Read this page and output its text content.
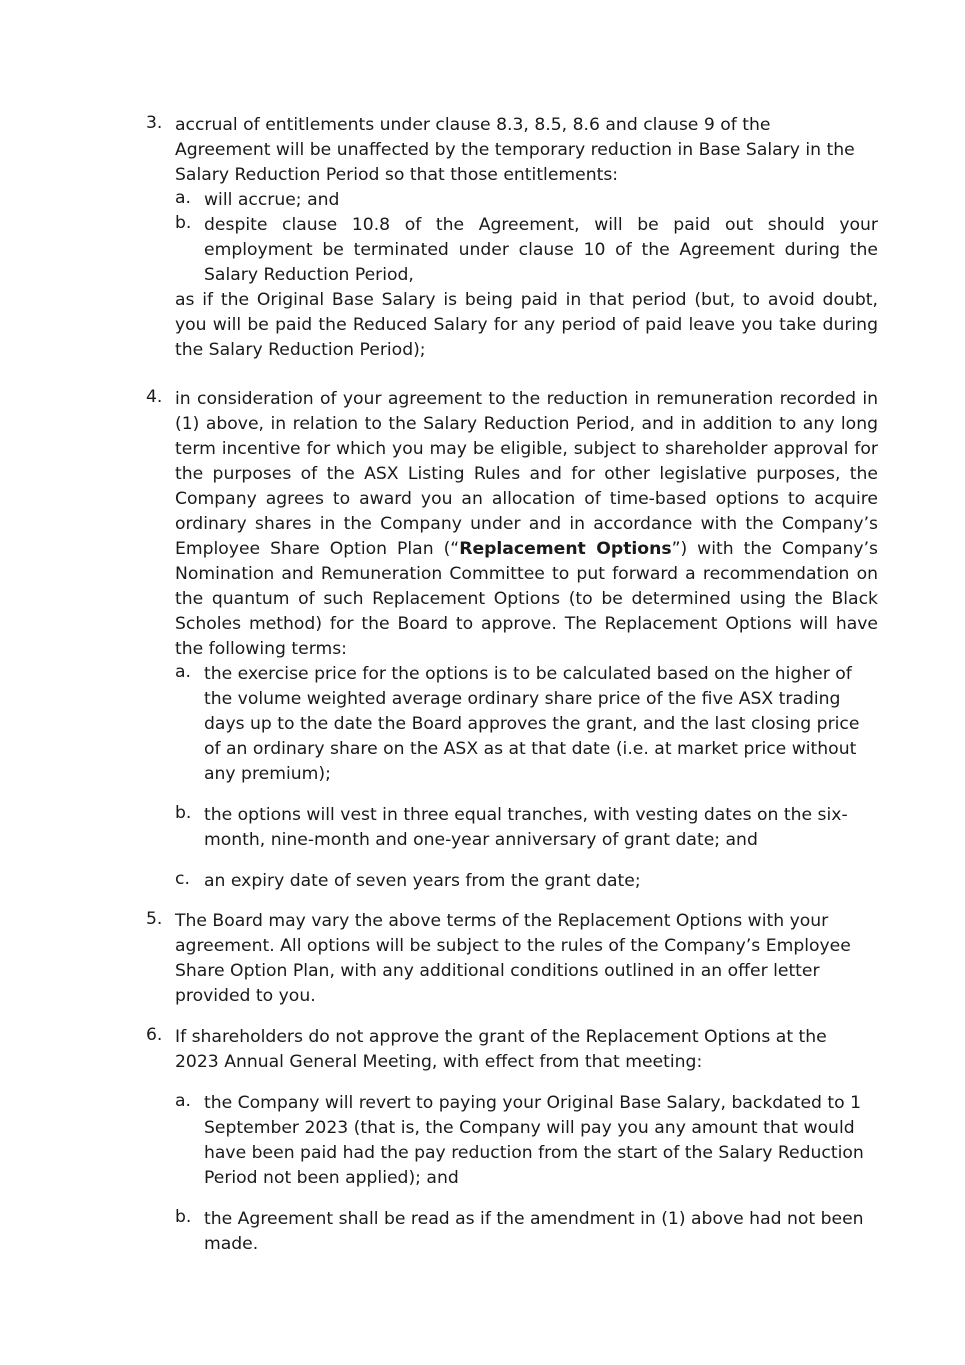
3. accrual of entitlements under clause 8.3, 8.5, 8.6 and clause 9 of the Agreement will be unaffected by the temporary reduction in Base Salary in the Salary Reduction Period so that those entitlements:
a. will accrue; and
b. despite clause 10.8 of the Agreement, will be paid out should your employment be terminated under clause 10 of the Agreement during the Salary Reduction Period,
as if the Original Base Salary is being paid in that period (but, to avoid doubt, you will be paid the Reduced Salary for any period of paid leave you take during the Salary Reduction Period);
4. in consideration of your agreement to the reduction in remuneration recorded in (1) above, in relation to the Salary Reduction Period, and in addition to any long term incentive for which you may be eligible, subject to shareholder approval for the purposes of the ASX Listing Rules and for other legislative purposes, the Company agrees to award you an allocation of time-based options to acquire ordinary shares in the Company under and in accordance with the Company’s Employee Share Option Plan (“Replacement Options”) with the Company’s Nomination and Remuneration Committee to put forward a recommendation on the quantum of such Replacement Options (to be determined using the Black Scholes method) for the Board to approve. The Replacement Options will have the following terms:
a. the exercise price for the options is to be calculated based on the higher of the volume weighted average ordinary share price of the five ASX trading days up to the date the Board approves the grant, and the last closing price of an ordinary share on the ASX as at that date (i.e. at market price without any premium);
b. the options will vest in three equal tranches, with vesting dates on the six-month, nine-month and one-year anniversary of grant date; and
c. an expiry date of seven years from the grant date;
5. The Board may vary the above terms of the Replacement Options with your agreement. All options will be subject to the rules of the Company’s Employee Share Option Plan, with any additional conditions outlined in an offer letter provided to you.
6. If shareholders do not approve the grant of the Replacement Options at the 2023 Annual General Meeting, with effect from that meeting:
a. the Company will revert to paying your Original Base Salary, backdated to 1 September 2023 (that is, the Company will pay you any amount that would have been paid had the pay reduction from the start of the Salary Reduction Period not been applied); and
b. the Agreement shall be read as if the amendment in (1) above had not been made.
